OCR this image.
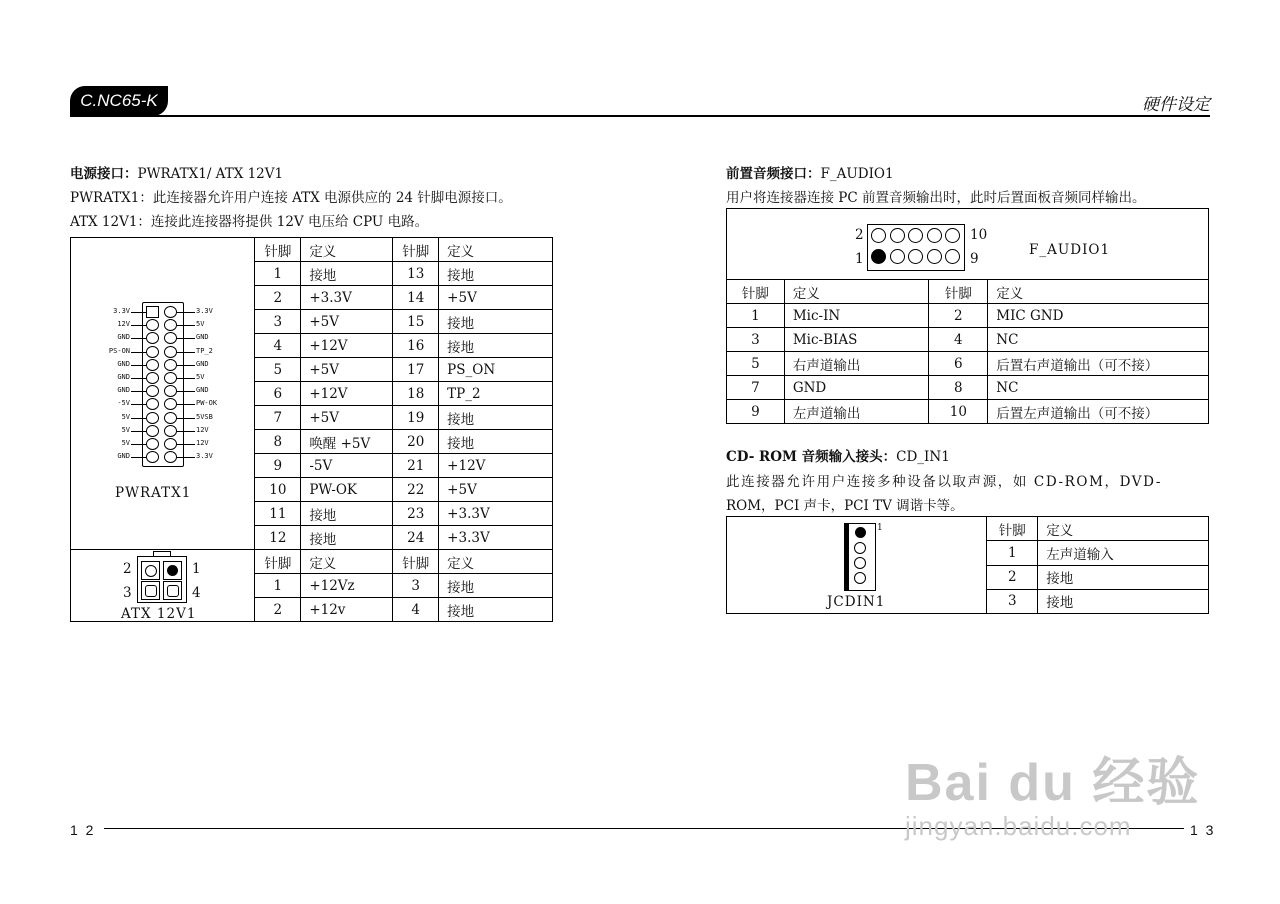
C.NC65-K	硬件设定
电源接口：PWRATX1/ ATX 12V1
PWRATX1：此连接器允许用户连接 ATX 电源供应的 24 针脚电源接口。
ATX 12V1：连接此连接器将提供 12V 电压给 CPU 电路。
	针脚	定义	针脚	定义
	1	接地	13	接地
	2	+3.3V	14	+5V
	3	+5V	15	接地
	4	+12V	16	接地
	5	+5V	17	PS_ON
	6	+12V	18	TP_2
	7	+5V	19	接地
	8	唤醒 +5V	20	接地
	9	-5V	21	+12V
	10	PW-OK	22	+5V
	11	接地	23	+3.3V
	12	接地	24	+3.3V
	针脚	定义	针脚	定义
	1	+12Vz	3	接地
	2	+12v	4	接地
3.3V	3.3V
12V	5V
GND	GND
PS-ON	TP_2
GND	GND
GND	5V
GND	GND
-5V	PW-OK
5V	5VSB
5V	12V
5V	12V
GND	3.3V
PWRATX1
2	1
3	4
ATX 12V1
前置音频接口：F_AUDIO1
用户将连接器连接 PC 前置音频输出时，此时后置面板音频同样输出。
2 10
1 9
F_AUDIO1			

针脚	定义	针脚	定义
1	Mic-IN	2	MIC GND
3	Mic-BIAS	4	NC
5	右声道输出	6	后置右声道输出（可不接）
7	GND	8	NC
9	左声道输出	10	后置左声道输出（可不接）
CD- ROM 音频输入接头：CD_IN1
此连接器允许用户连接多种设备以取声源，如 CD-ROM，DVD-
ROM，PCI 声卡，PCI TV 调谐卡等。
1
JCDIN1	针脚	定义
	1	左声道输入
	2	接地
	3	接地
1 2	1 3
Bai du 经验
jingyan.baidu.com
